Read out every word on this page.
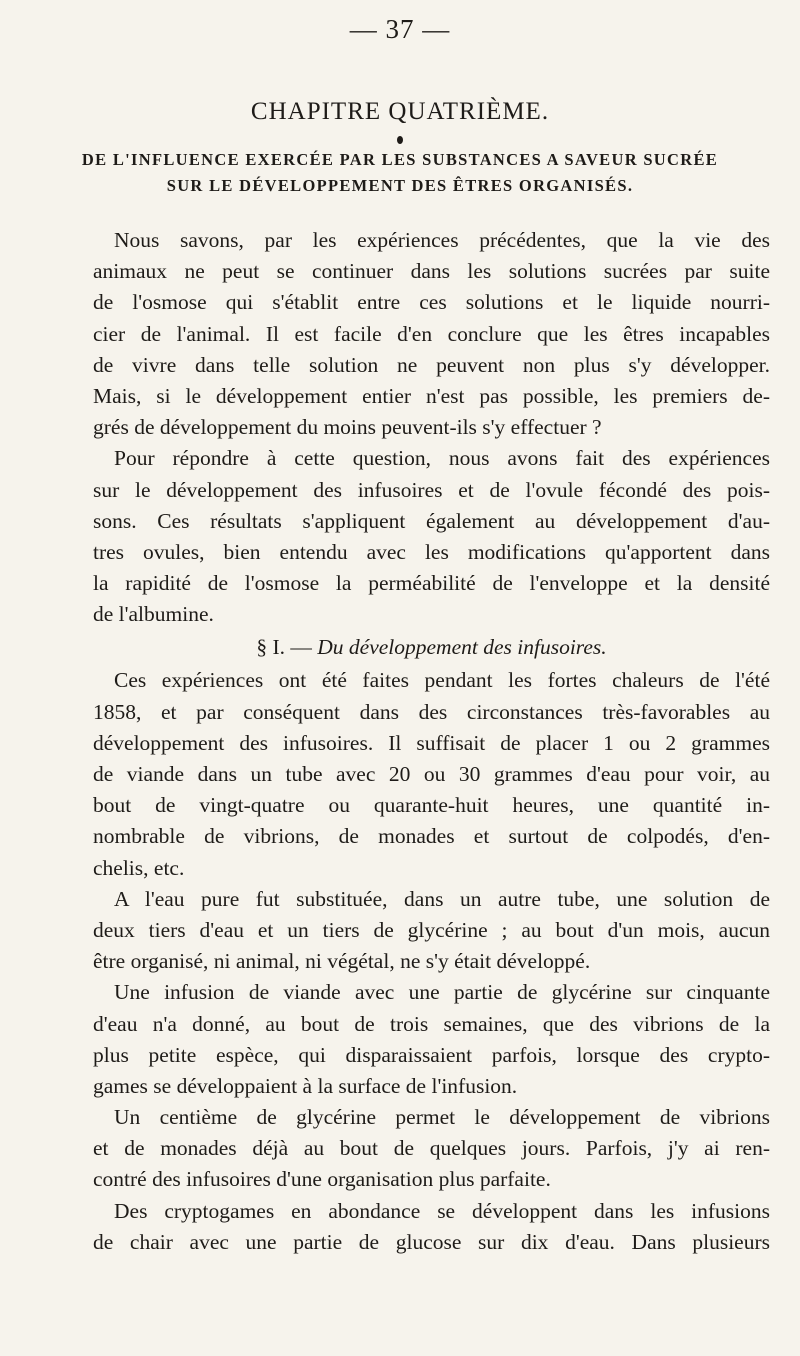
— 37 —
CHAPITRE QUATRIÈME.
DE L'INFLUENCE EXERCÉE PAR LES SUBSTANCES A SAVEUR SUCRÉE
SUR LE DÉVELOPPEMENT DES ÊTRES ORGANISÉS.
Nous savons, par les expériences précédentes, que la vie des
animaux ne peut se continuer dans les solutions sucrées par suite
de l'osmose qui s'établit entre ces solutions et le liquide nourri-
cier de l'animal. Il est facile d'en conclure que les êtres incapables
de vivre dans telle solution ne peuvent non plus s'y développer.
Mais, si le développement entier n'est pas possible, les premiers de-
grés de développement du moins peuvent-ils s'y effectuer ?
Pour répondre à cette question, nous avons fait des expériences
sur le développement des infusoires et de l'ovule fécondé des pois-
sons. Ces résultats s'appliquent également au développement d'au-
tres ovules, bien entendu avec les modifications qu'apportent dans
la rapidité de l'osmose la perméabilité de l'enveloppe et la densité
de l'albumine.
§ I. — Du développement des infusoires.
Ces expériences ont été faites pendant les fortes chaleurs de l'été
1858, et par conséquent dans des circonstances très-favorables au
développement des infusoires. Il suffisait de placer 1 ou 2 grammes
de viande dans un tube avec 20 ou 30 grammes d'eau pour voir, au
bout de vingt-quatre ou quarante-huit heures, une quantité in-
nombrable de vibrions, de monades et surtout de colpodés, d'en-
chelis, etc.
A l'eau pure fut substituée, dans un autre tube, une solution de
deux tiers d'eau et un tiers de glycérine ; au bout d'un mois, aucun
être organisé, ni animal, ni végétal, ne s'y était développé.
Une infusion de viande avec une partie de glycérine sur cinquante
d'eau n'a donné, au bout de trois semaines, que des vibrions de la
plus petite espèce, qui disparaissaient parfois, lorsque des crypto-
games se développaient à la surface de l'infusion.
Un centième de glycérine permet le développement de vibrions
et de monades déjà au bout de quelques jours. Parfois, j'y ai ren-
contré des infusoires d'une organisation plus parfaite.
Des cryptogames en abondance se développent dans les infusions
de chair avec une partie de glucose sur dix d'eau. Dans plusieurs
